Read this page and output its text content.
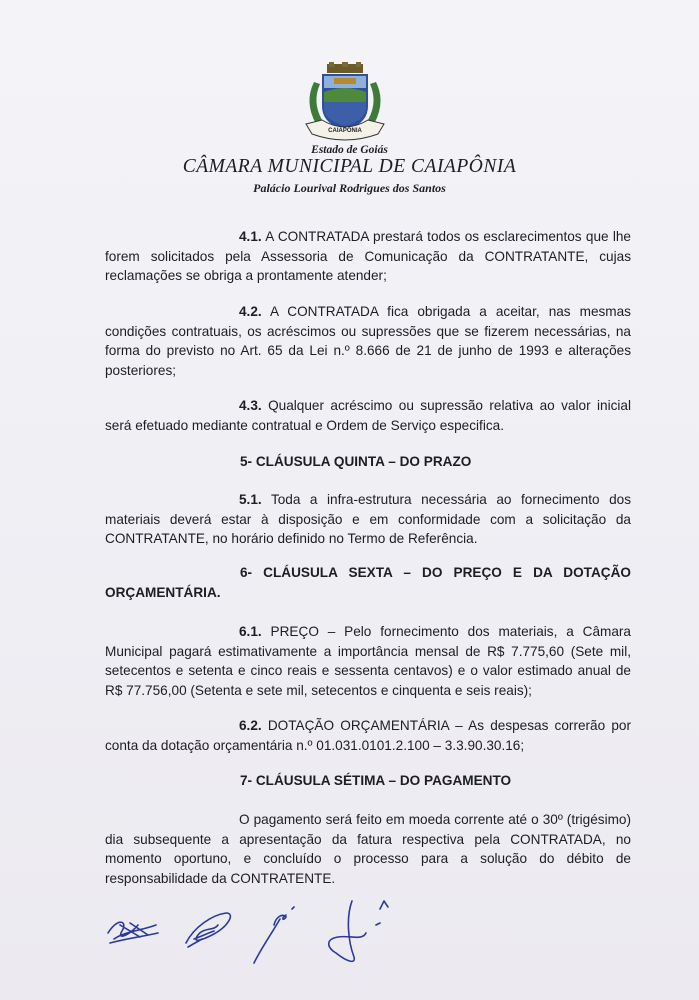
CAIAPÔNIA
Estado de Goiás
CÂMARA MUNICIPAL DE CAIAPÔNIA
Palácio Lourival Rodrigues dos Santos
4.1. A CONTRATADA prestará todos os esclarecimentos que lhe forem solicitados pela Assessoria de Comunicação da CONTRATANTE, cujas reclamações se obriga a prontamente atender;
4.2. A CONTRATADA fica obrigada a aceitar, nas mesmas condições contratuais, os acréscimos ou supressões que se fizerem necessárias, na forma do previsto no Art. 65 da Lei n.º 8.666 de 21 de junho de 1993 e alterações posteriores;
4.3. Qualquer acréscimo ou supressão relativa ao valor inicial será efetuado mediante contratual e Ordem de Serviço especifica.
5- CLÁUSULA QUINTA – DO PRAZO
5.1. Toda a infra-estrutura necessária ao fornecimento dos materiais deverá estar à disposição e em conformidade com a solicitação da CONTRATANTE, no horário definido no Termo de Referência.
6- CLÁUSULA SEXTA – DO PREÇO E DA DOTAÇÃO
ORÇAMENTÁRIA.
6.1. PREÇO – Pelo fornecimento dos materiais, a Câmara Municipal pagará estimativamente a importância mensal de R$ 7.775,60 (Sete mil, setecentos e setenta e cinco reais e sessenta centavos) e o valor estimado anual de R$ 77.756,00 (Setenta e sete mil, setecentos e cinquenta e seis reais);
6.2. DOTAÇÃO ORÇAMENTÁRIA – As despesas correrão por conta da dotação orçamentária n.º 01.031.0101.2.100 – 3.3.90.30.16;
7- CLÁUSULA SÉTIMA – DO PAGAMENTO
O pagamento será feito em moeda corrente até o 30º (trigésimo) dia subsequente a apresentação da fatura respectiva pela CONTRATADA, no momento oportuno, e concluído o processo para a solução do débito de responsabilidade da CONTRATENTE.
